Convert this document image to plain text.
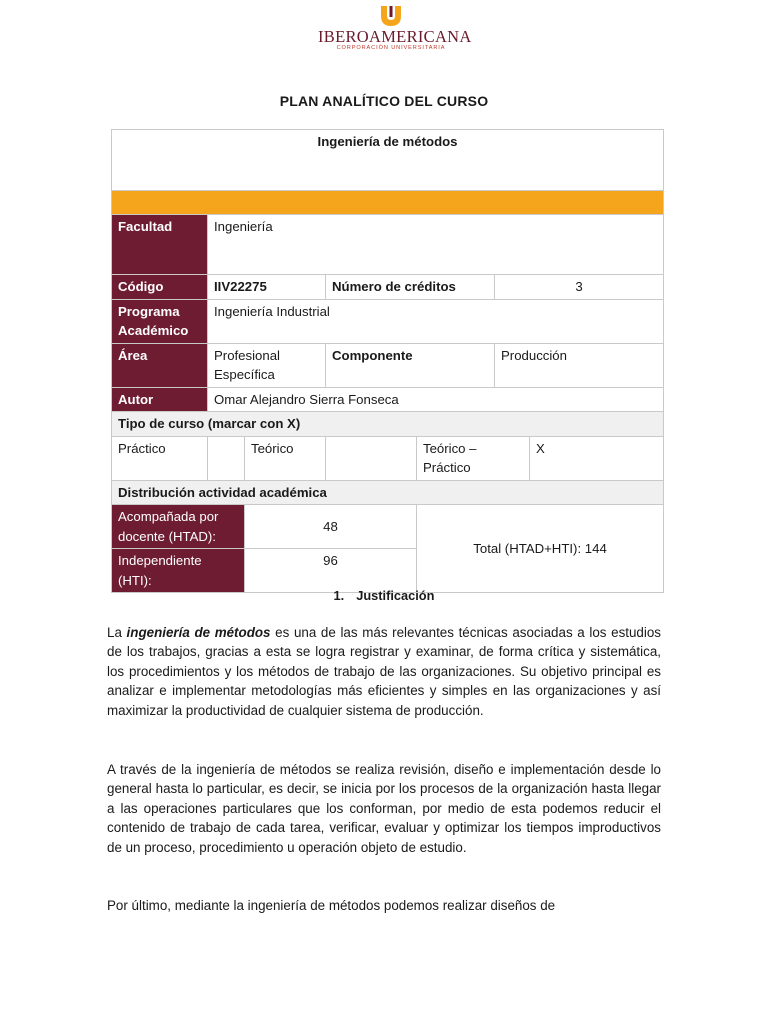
IBEROAMERICANA
CORPORACIÓN UNIVERSITARIA
PLAN ANALÍTICO DEL CURSO
Ingeniería de métodos						

Facultad	Ingeniería					
Código	IIV22275		Número de créditos		3	
Programa Académico	Ingeniería Industrial					
Área	Profesional Específica		Componente		Producción	
Autor	Omar Alejandro Sierra Fonseca					
Tipo de curso (marcar con X)						
Práctico		Teórico		Teórico – Práctico		X
Distribución actividad académica						
Acompañada por docente (HTAD):		48		Total (HTAD+HTI): 144		
Independiente (HTI):		96				
1. Justificación
La ingeniería de métodos es una de las más relevantes técnicas asociadas a los estudios de los trabajos, gracias a esta se logra registrar y examinar, de forma crítica y sistemática, los procedimientos y los métodos de trabajo de las organizaciones. Su objetivo principal es analizar e implementar metodologías más eficientes y simples en las organizaciones y así maximizar la productividad de cualquier sistema de producción.
A través de la ingeniería de métodos se realiza revisión, diseño e implementación desde lo general hasta lo particular, es decir, se inicia por los procesos de la organización hasta llegar a las operaciones particulares que los conforman, por medio de esta podemos reducir el contenido de trabajo de cada tarea, verificar, evaluar y optimizar los tiempos improductivos de un proceso, procedimiento u operación objeto de estudio.
Por último, mediante la ingeniería de métodos podemos realizar diseños de
